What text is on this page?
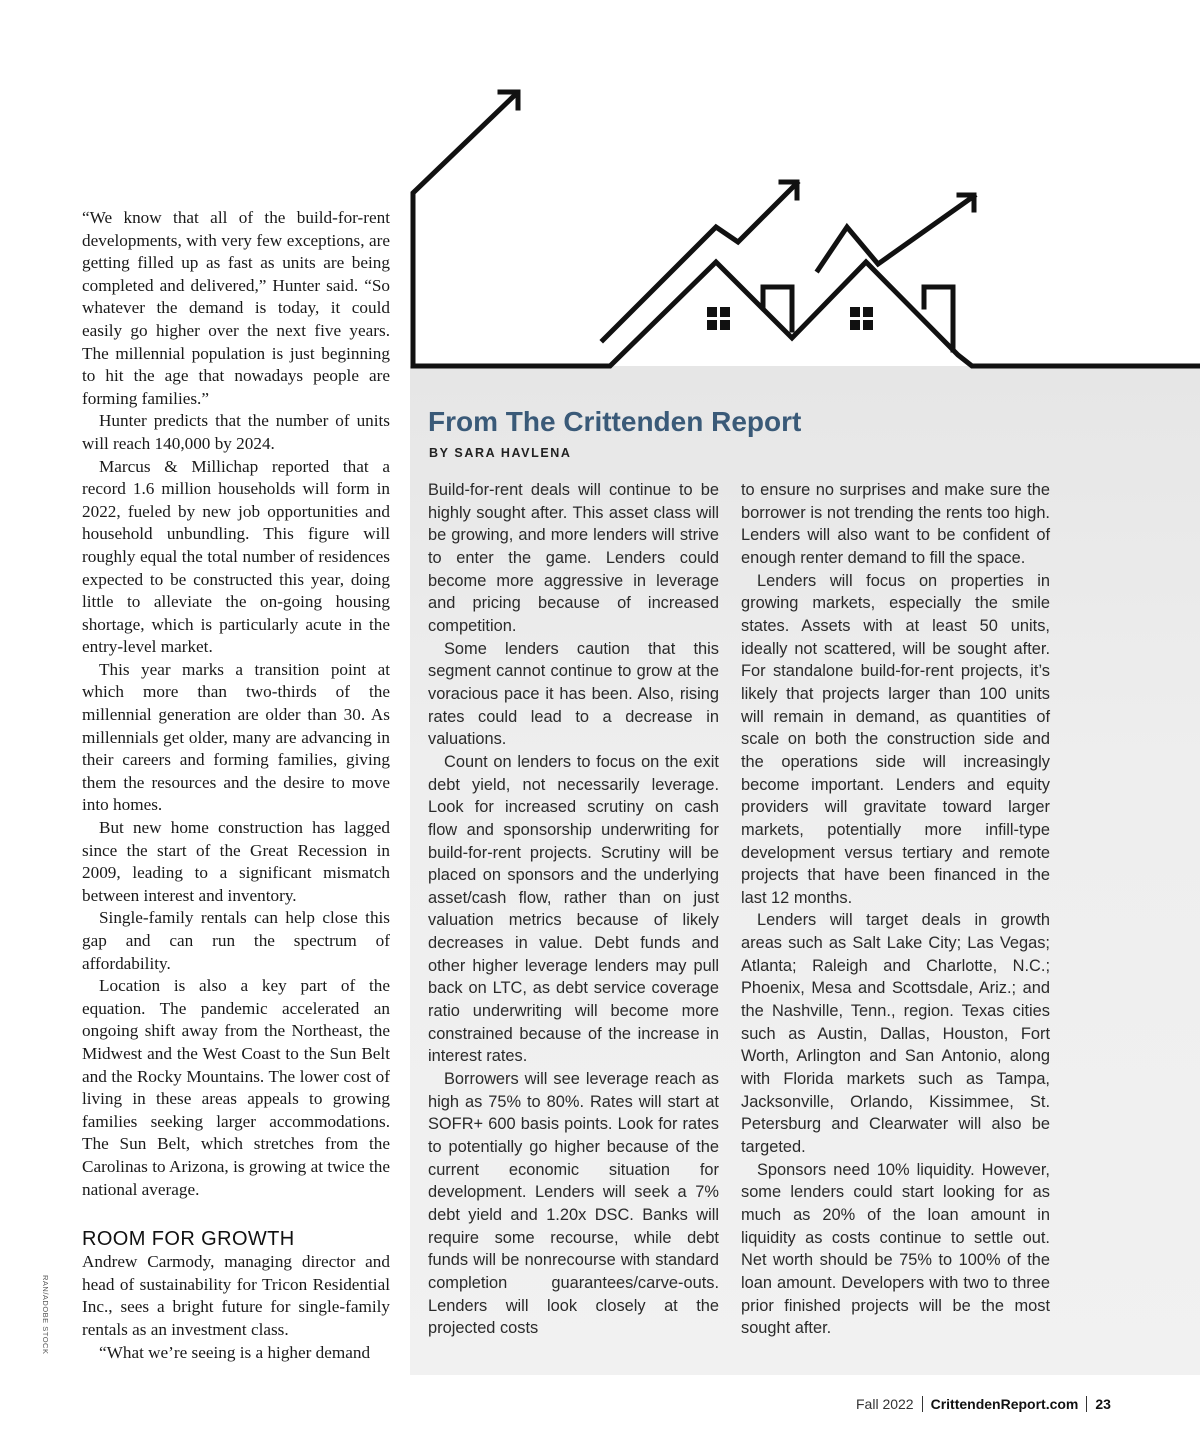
“We know that all of the build-for-rent developments, with very few exceptions, are getting filled up as fast as units are being completed and delivered,” Hunter said. “So whatever the demand is today, it could easily go higher over the next five years. The millennial population is just beginning to hit the age that nowadays people are forming families.”

Hunter predicts that the number of units will reach 140,000 by 2024.

Marcus & Millichap reported that a record 1.6 million households will form in 2022, fueled by new job opportunities and household unbundling. This figure will roughly equal the total number of residences expected to be constructed this year, doing little to alleviate the on-going housing shortage, which is particularly acute in the entry-level market.

This year marks a transition point at which more than two-thirds of the millennial generation are older than 30. As millennials get older, many are advancing in their careers and forming families, giving them the resources and the desire to move into homes.

But new home construction has lagged since the start of the Great Recession in 2009, leading to a significant mismatch between interest and inventory.

Single-family rentals can help close this gap and can run the spectrum of affordability.

Location is also a key part of the equation. The pandemic accelerated an ongoing shift away from the Northeast, the Midwest and the West Coast to the Sun Belt and the Rocky Mountains. The lower cost of living in these areas appeals to growing families seeking larger accommodations. The Sun Belt, which stretches from the Carolinas to Arizona, is growing at twice the national average.

ROOM FOR GROWTH

Andrew Carmody, managing director and head of sustainability for Tricon Residential Inc., sees a bright future for single-family rentals as an investment class.

“What we’re seeing is a higher demand

RAN/ADOBE STOCK
From The Crittenden Report
BY SARA HAVLENA

Build-for-rent deals will continue to be highly sought after. This asset class will be growing, and more lenders will strive to enter the game. Lenders could become more aggressive in leverage and pricing because of increased competition.

Some lenders caution that this segment cannot continue to grow at the voracious pace it has been. Also, rising rates could lead to a decrease in valuations.

Count on lenders to focus on the exit debt yield, not necessarily leverage. Look for increased scrutiny on cash flow and sponsorship underwriting for build-for-rent projects. Scrutiny will be placed on sponsors and the underlying asset/cash flow, rather than on just valuation metrics because of likely decreases in value. Debt funds and other higher leverage lenders may pull back on LTC, as debt service coverage ratio underwriting will become more constrained because of the increase in interest rates.

Borrowers will see leverage reach as high as 75% to 80%. Rates will start at SOFR+ 600 basis points. Look for rates to potentially go higher because of the current economic situation for development. Lenders will seek a 7% debt yield and 1.20x DSC. Banks will require some recourse, while debt funds will be nonrecourse with standard completion guarantees/carve-outs. Lenders will look closely at the projected costs

to ensure no surprises and make sure the borrower is not trending the rents too high. Lenders will also want to be confident of enough renter demand to fill the space.

Lenders will focus on properties in growing markets, especially the smile states. Assets with at least 50 units, ideally not scattered, will be sought after. For standalone build-for-rent projects, it’s likely that projects larger than 100 units will remain in demand, as quantities of scale on both the construction side and the operations side will increasingly become important. Lenders and equity providers will gravitate toward larger markets, potentially more infill-type development versus tertiary and remote projects that have been financed in the last 12 months.

Lenders will target deals in growth areas such as Salt Lake City; Las Vegas; Atlanta; Raleigh and Charlotte, N.C.; Phoenix, Mesa and Scottsdale, Ariz.; and the Nashville, Tenn., region. Texas cities such as Austin, Dallas, Houston, Fort Worth, Arlington and San Antonio, along with Florida markets such as Tampa, Jacksonville, Orlando, Kissimmee, St. Petersburg and Clearwater will also be targeted.

Sponsors need 10% liquidity. However, some lenders could start looking for as much as 20% of the loan amount in liquidity as costs continue to settle out. Net worth should be 75% to 100% of the loan amount. Developers with two to three prior finished projects will be the most sought after.

Fall 2022 CrittendenReport.com 23
